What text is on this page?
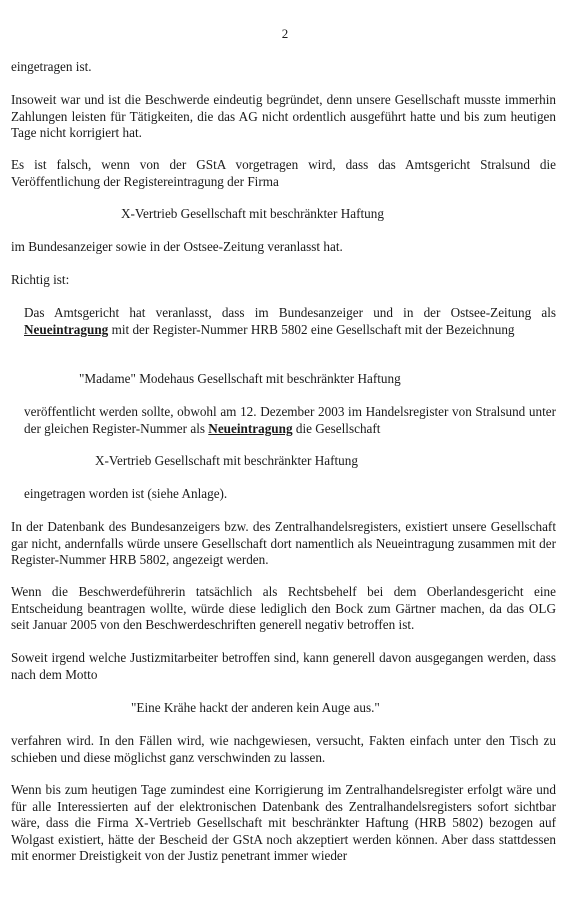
2

eingetragen ist.

Insoweit war und ist die Beschwerde eindeutig begründet, denn unsere Gesellschaft musste immerhin Zahlungen leisten für Tätigkeiten, die das AG nicht ordentlich ausgeführt hatte und bis zum heutigen Tage nicht korrigiert hat.

Es ist falsch, wenn von der GStA vorgetragen wird, dass das Amtsgericht Stralsund die Veröffentlichung der Registereintragung der Firma

X-Vertrieb Gesellschaft mit beschränkter Haftung

im Bundesanzeiger sowie in der Ostsee-Zeitung veranlasst hat.

Richtig ist:

Das Amtsgericht hat veranlasst, dass im Bundesanzeiger und in der Ostsee-Zeitung als Neueintragung mit der Register-Nummer HRB 5802 eine Gesellschaft mit der Bezeichnung

"Madame" Modehaus Gesellschaft mit beschränkter Haftung

veröffentlicht werden sollte, obwohl am 12. Dezember 2003 im Handelsregister von Stralsund unter der gleichen Register-Nummer als Neueintragung die Gesellschaft

X-Vertrieb Gesellschaft mit beschränkter Haftung

eingetragen worden ist (siehe Anlage).

In der Datenbank des Bundesanzeigers bzw. des Zentralhandelsregisters, existiert unsere Gesellschaft gar nicht, andernfalls würde unsere Gesellschaft dort namentlich als Neueintragung zusammen mit der Register-Nummer HRB 5802, angezeigt werden.

Wenn die Beschwerdeführerin tatsächlich als Rechtsbehelf bei dem Oberlandesgericht eine Entscheidung beantragen wollte, würde diese lediglich den Bock zum Gärtner machen, da das OLG seit Januar 2005 von den Beschwerdeschriften generell negativ betroffen ist.

Soweit irgend welche Justizmitarbeiter betroffen sind, kann generell davon ausgegangen werden, dass nach dem Motto

"Eine Krähe hackt der anderen kein Auge aus."

verfahren wird. In den Fällen wird, wie nachgewiesen, versucht, Fakten einfach unter den Tisch zu schieben und diese möglichst ganz verschwinden zu lassen.

Wenn bis zum heutigen Tage zumindest eine Korrigierung im Zentralhandelsregister erfolgt wäre und für alle Interessierten auf der elektronischen Datenbank des Zentralhandelsregisters sofort sichtbar wäre, dass die Firma X-Vertrieb Gesellschaft mit beschränkter Haftung (HRB 5802) bezogen auf Wolgast existiert, hätte der Bescheid der GStA noch akzeptiert werden können. Aber dass stattdessen mit enormer Dreistigkeit von der Justiz penetrant immer wieder
